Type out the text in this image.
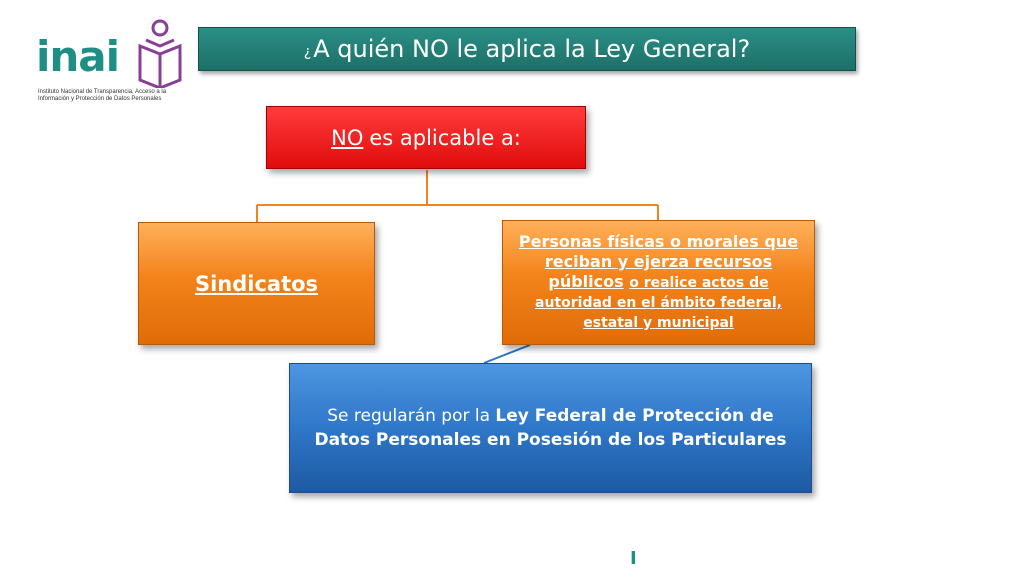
inai
Instituto Nacional de Transparencia, Acceso a la Información y Protección de Datos Personales
¿ A quién NO le aplica la Ley General?
NO es aplicable a:
Sindicatos
Personas físicas o morales que
reciban y ejerza recursos
públicos o realice actos de
autoridad en el ámbito federal,
estatal y municipal
Se regularán por la Ley Federal de Protección de Datos Personales en Posesión de los Particulares
I
